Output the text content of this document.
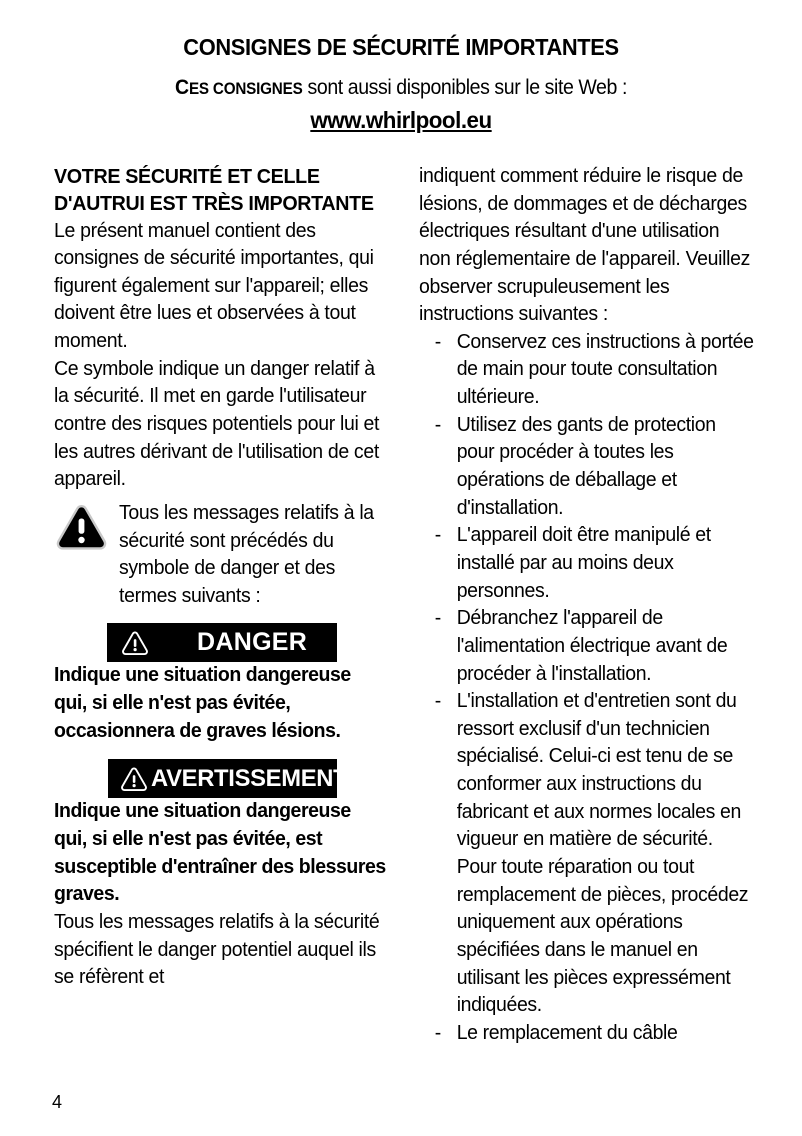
CONSIGNES DE SÉCURITÉ IMPORTANTES
CES CONSIGNES sont aussi disponibles sur le site Web :
www.whirlpool.eu
VOTRE SÉCURITÉ ET CELLE D'AUTRUI EST TRÈS IMPORTANTE

Le présent manuel contient des consignes de sécurité importantes, qui figurent également sur l'appareil; elles doivent être lues et observées à tout moment.

Ce symbole indique un danger relatif à la sécurité. Il met en garde l'utilisateur contre des risques potentiels pour lui et les autres dérivant de l'utilisation de cet appareil.

Tous les messages relatifs à la sécurité sont précédés du symbole de danger et des termes suivants :

DANGER

Indique une situation dangereuse qui, si elle n'est pas évitée, occasionnera de graves lésions.

AVERTISSEMENT

Indique une situation dangereuse qui, si elle n'est pas évitée, est susceptible d'entraîner des blessures graves.

Tous les messages relatifs à la sécurité spécifient le danger potentiel auquel ils se réfèrent et

indiquent comment réduire le risque de lésions, de dommages et de décharges électriques résultant d'une utilisation non réglementaire de l'appareil. Veuillez observer scrupuleusement les instructions suivantes :

- Conservez ces instructions à portée de main pour toute consultation ultérieure.
- Utilisez des gants de protection pour procéder à toutes les opérations de déballage et d'installation.
- L'appareil doit être manipulé et installé par au moins deux personnes.
- Débranchez l'appareil de l'alimentation électrique avant de procéder à l'installation.
- L'installation et d'entretien sont du ressort exclusif d'un technicien spécialisé. Celui-ci est tenu de se conformer aux instructions du fabricant et aux normes locales en vigueur en matière de sécurité. Pour toute réparation ou tout remplacement de pièces, procédez uniquement aux opérations spécifiées dans le manuel en utilisant les pièces expressément indiquées.
- Le remplacement du câble
4
